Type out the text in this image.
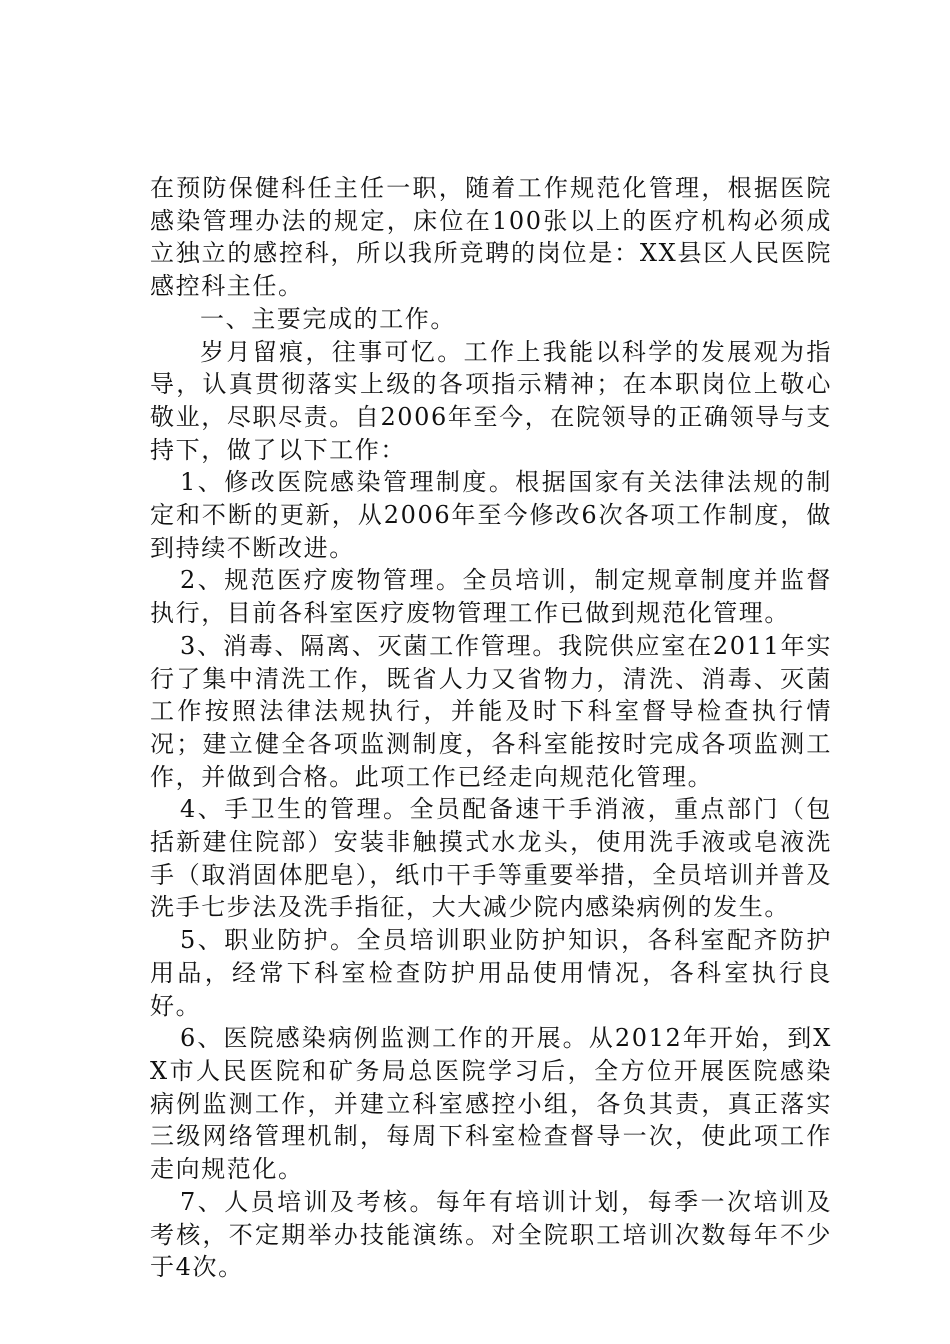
在预防保健科任主任一职，随着工作规范化管理，根据医院感染管理办法的规定，床位在100张以上的医疗机构必须成立独立的感控科，所以我所竞聘的岗位是：XX县区人民医院感控科主任。

一、主要完成的工作。

岁月留痕，往事可忆。工作上我能以科学的发展观为指导，认真贯彻落实上级的各项指示精神；在本职岗位上敬心敬业，尽职尽责。自2006年至今，在院领导的正确领导与支持下，做了以下工作：

1、修改医院感染管理制度。根据国家有关法律法规的制定和不断的更新，从2006年至今修改6次各项工作制度，做到持续不断改进。

2、规范医疗废物管理。全员培训，制定规章制度并监督执行，目前各科室医疗废物管理工作已做到规范化管理。

3、消毒、隔离、灭菌工作管理。我院供应室在2011年实行了集中清洗工作，既省人力又省物力，清洗、消毒、灭菌工作按照法律法规执行，并能及时下科室督导检查执行情况；建立健全各项监测制度，各科室能按时完成各项监测工作，并做到合格。此项工作已经走向规范化管理。

4、手卫生的管理。全员配备速干手消液，重点部门（包括新建住院部）安装非触摸式水龙头，使用洗手液或皂液洗手（取消固体肥皂），纸巾干手等重要举措，全员培训并普及洗手七步法及洗手指征，大大减少院内感染病例的发生。

5、职业防护。全员培训职业防护知识，各科室配齐防护用品，经常下科室检查防护用品使用情况，各科室执行良好。

6、医院感染病例监测工作的开展。从2012年开始，到XX市人民医院和矿务局总医院学习后，全方位开展医院感染病例监测工作，并建立科室感控小组，各负其责，真正落实三级网络管理机制，每周下科室检查督导一次，使此项工作走向规范化。

7、人员培训及考核。每年有培训计划，每季一次培训及考核，不定期举办技能演练。对全院职工培训次数每年不少于4次。
